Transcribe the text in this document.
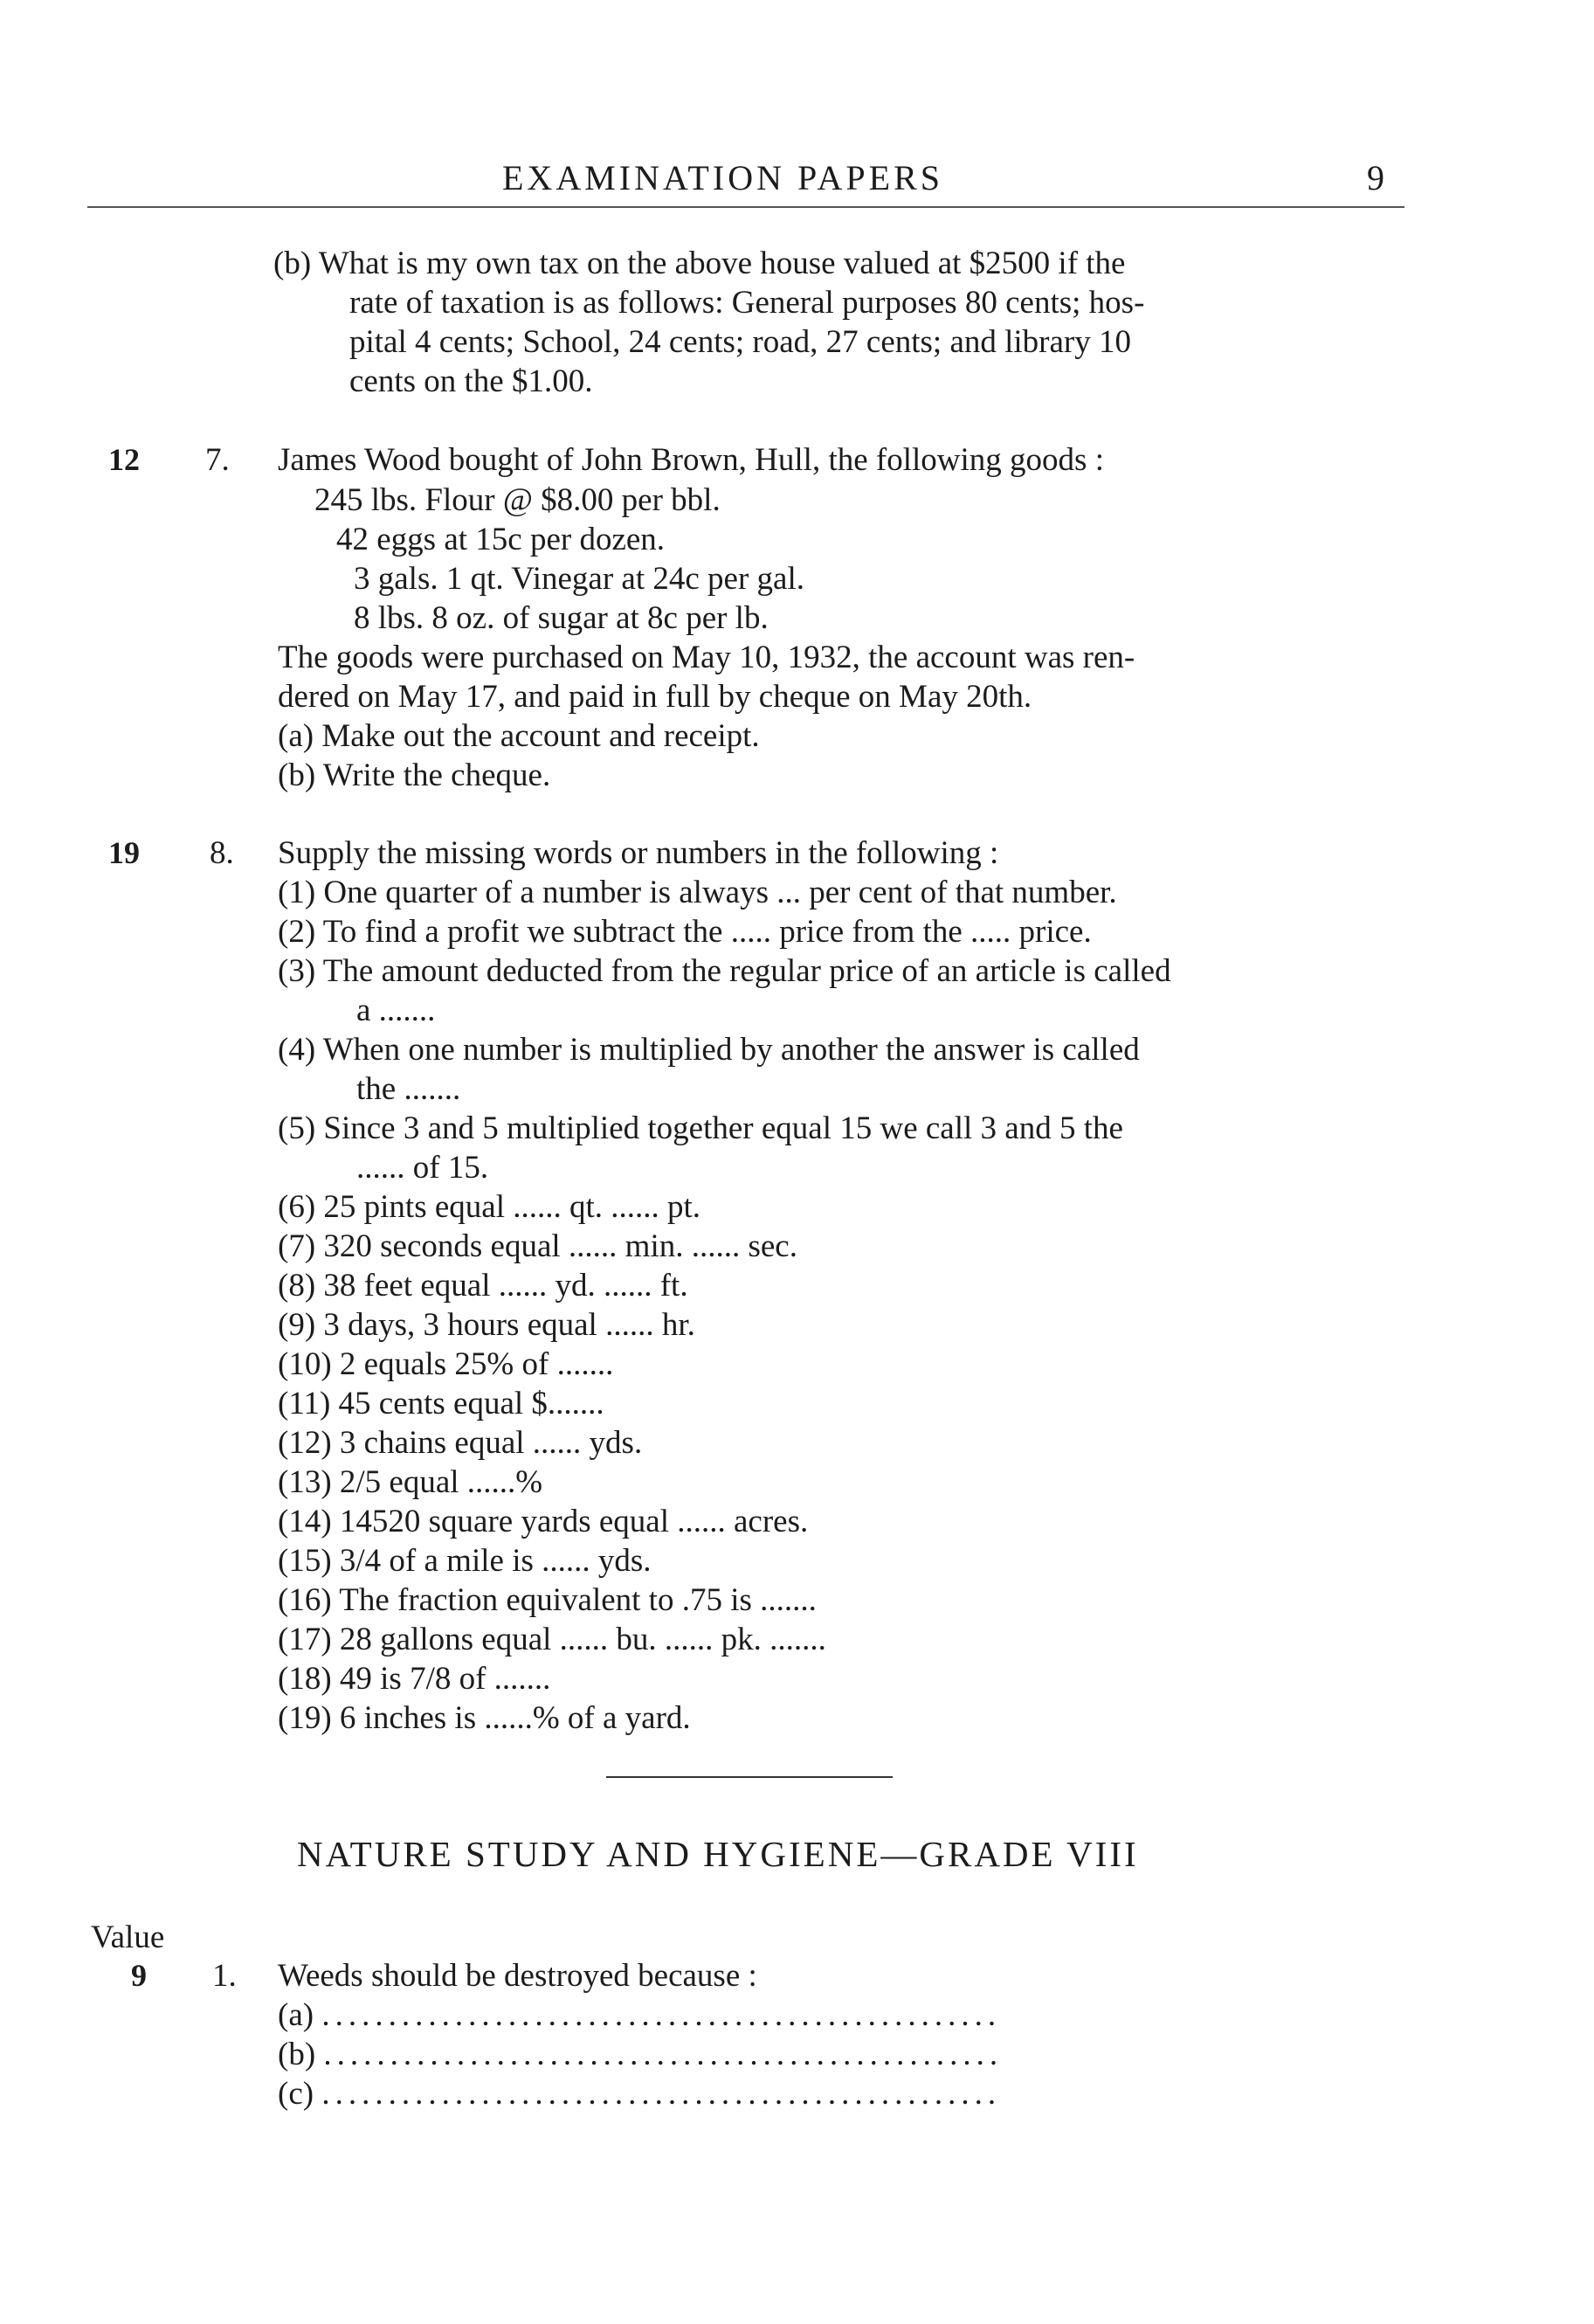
EXAMINATION PAPERS	9
(b) What is my own tax on the above house valued at $2500 if the
rate of taxation is as follows: General purposes 80 cents; hos-
pital 4 cents; School, 24 cents; road, 27 cents; and library 10
cents on the $1.00.
12 7. James Wood bought of John Brown, Hull, the following goods :
245 lbs. Flour @ $8.00 per bbl.
42 eggs at 15c per dozen.
3 gals. 1 qt. Vinegar at 24c per gal.
8 lbs. 8 oz. of sugar at 8c per lb.
The goods were purchased on May 10, 1932, the account was ren-
dered on May 17, and paid in full by cheque on May 20th.
(a) Make out the account and receipt.
(b) Write the cheque.
19 8. Supply the missing words or numbers in the following :
(1) One quarter of a number is always ... per cent of that number.
(2) To find a profit we subtract the ..... price from the ..... price.
(3) The amount deducted from the regular price of an article is called
a .......
(4) When one number is multiplied by another the answer is called
the .......
(5) Since 3 and 5 multiplied together equal 15 we call 3 and 5 the
...... of 15.
(6) 25 pints equal ...... qt. ...... pt.
(7) 320 seconds equal ...... min. ...... sec.
(8) 38 feet equal ...... yd. ...... ft.
(9) 3 days, 3 hours equal ...... hr.
(10) 2 equals 25% of .......
(11) 45 cents equal $.......
(12) 3 chains equal ...... yds.
(13) 2/5 equal ......%
(14) 14520 square yards equal ...... acres.
(15) 3/4 of a mile is ...... yds.
(16) The fraction equivalent to .75 is .......
(17) 28 gallons equal ...... bu. ...... pk. .......
(18) 49 is 7/8 of .......
(19) 6 inches is ......% of a yard.
NATURE STUDY AND HYGIENE—GRADE VIII
Value
9 1. Weeds should be destroyed because :
(a) ...................................................
(b) ...................................................
(c) ...................................................
